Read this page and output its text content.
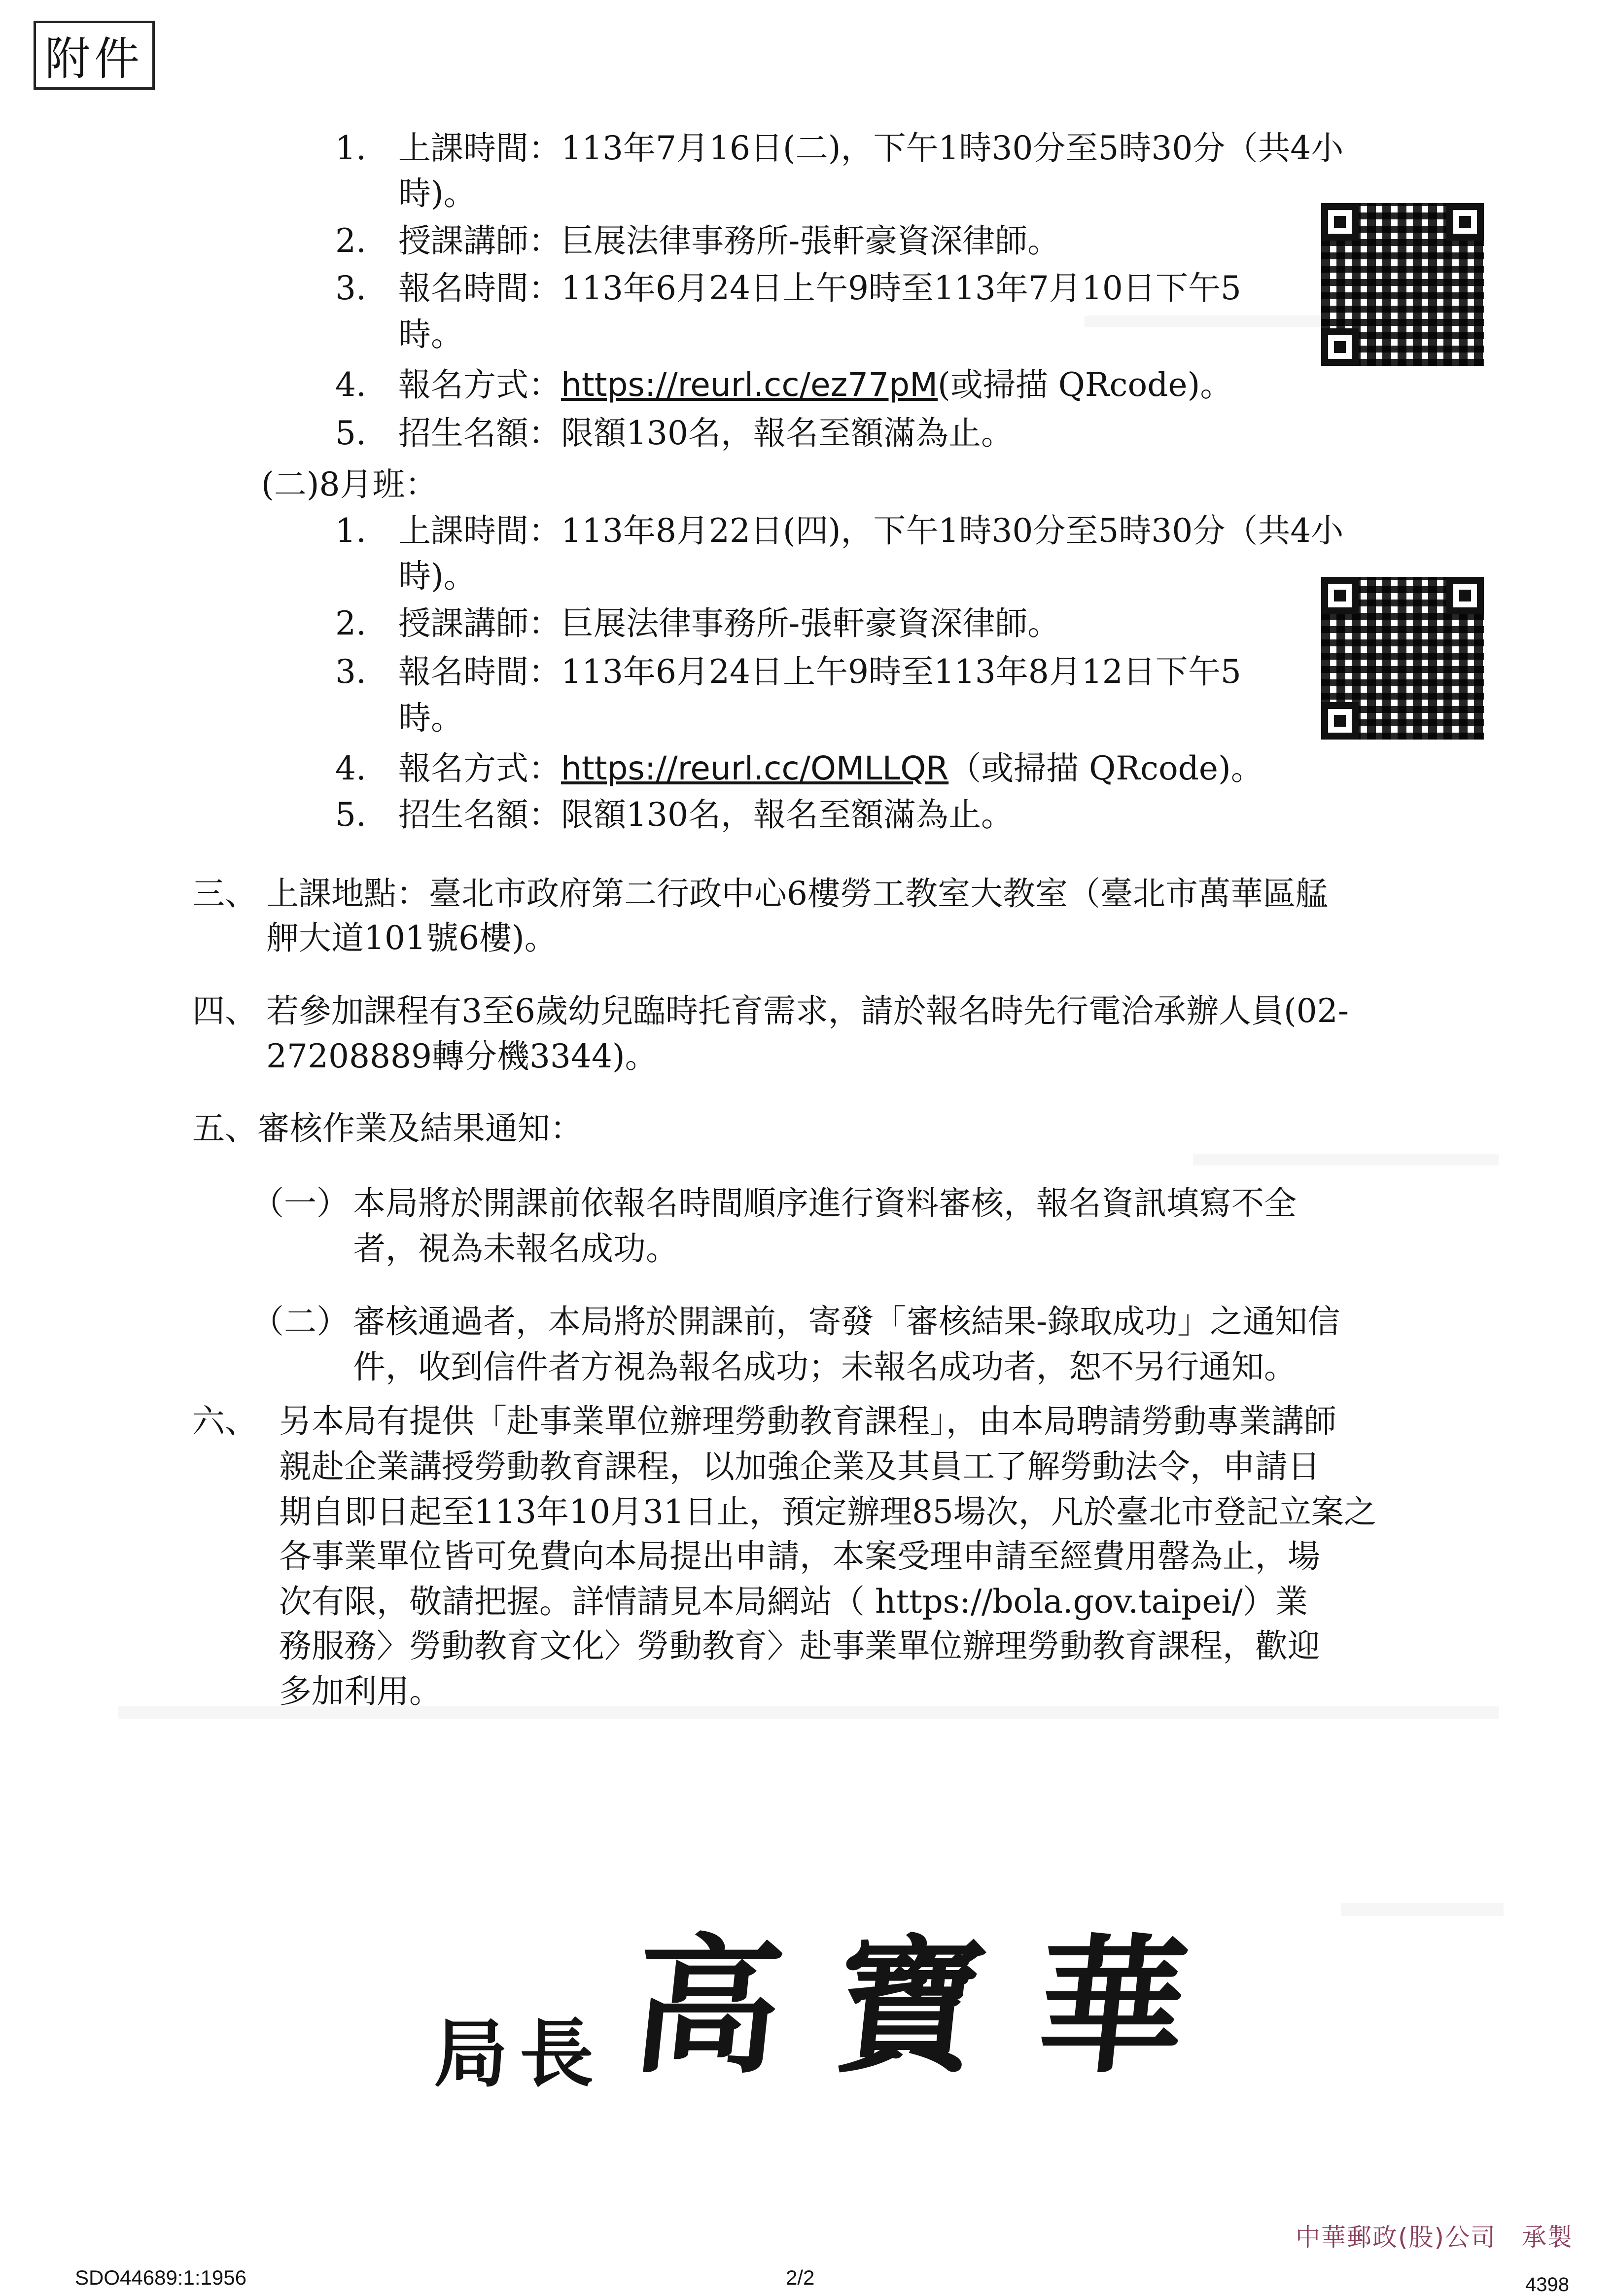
附件
1. 上課時間：113年7月16日(二)，下午1時30分至5時30分（共4小
時)。
2. 授課講師：巨展法律事務所-張軒豪資深律師。
3. 報名時間：113年6月24日上午9時至113年7月10日下午5
時。
4. 報名方式：https://reurl.cc/ez77pM(或掃描 QRcode)。
5. 招生名額：限額130名，報名至額滿為止。
(二)8月班：
1. 上課時間：113年8月22日(四)，下午1時30分至5時30分（共4小
時)。
2. 授課講師：巨展法律事務所-張軒豪資深律師。
3. 報名時間：113年6月24日上午9時至113年8月12日下午5
時。
4. 報名方式：https://reurl.cc/OMLLQR（或掃描 QRcode)。
5. 招生名額：限額130名，報名至額滿為止。
三、 上課地點：臺北市政府第二行政中心6樓勞工教室大教室（臺北市萬華區艋
舺大道101號6樓)。
四、 若參加課程有3至6歲幼兒臨時托育需求，請於報名時先行電洽承辦人員(02-
27208889轉分機3344)。
五、審核作業及結果通知：
（一） 本局將於開課前依報名時間順序進行資料審核，報名資訊填寫不全
者，視為未報名成功。
（二） 審核通過者，本局將於開課前，寄發「審核結果-錄取成功」之通知信
件，收到信件者方視為報名成功；未報名成功者，恕不另行通知。
六、 另本局有提供「赴事業單位辦理勞動教育課程」，由本局聘請勞動專業講師
親赴企業講授勞動教育課程，以加強企業及其員工了解勞動法令，申請日
期自即日起至113年10月31日止，預定辦理85場次，凡於臺北市登記立案之
各事業單位皆可免費向本局提出申請，本案受理申請至經費用罄為止，場
次有限，敬請把握。詳情請見本局網站（ https://bola.gov.taipei/）業
務服務〉勞動教育文化〉勞動教育〉赴事業單位辦理勞動教育課程，歡迎
多加利用。
局長 高寶華
中華郵政(股)公司　承製
SDO44689:1:1956	2/2	4398
